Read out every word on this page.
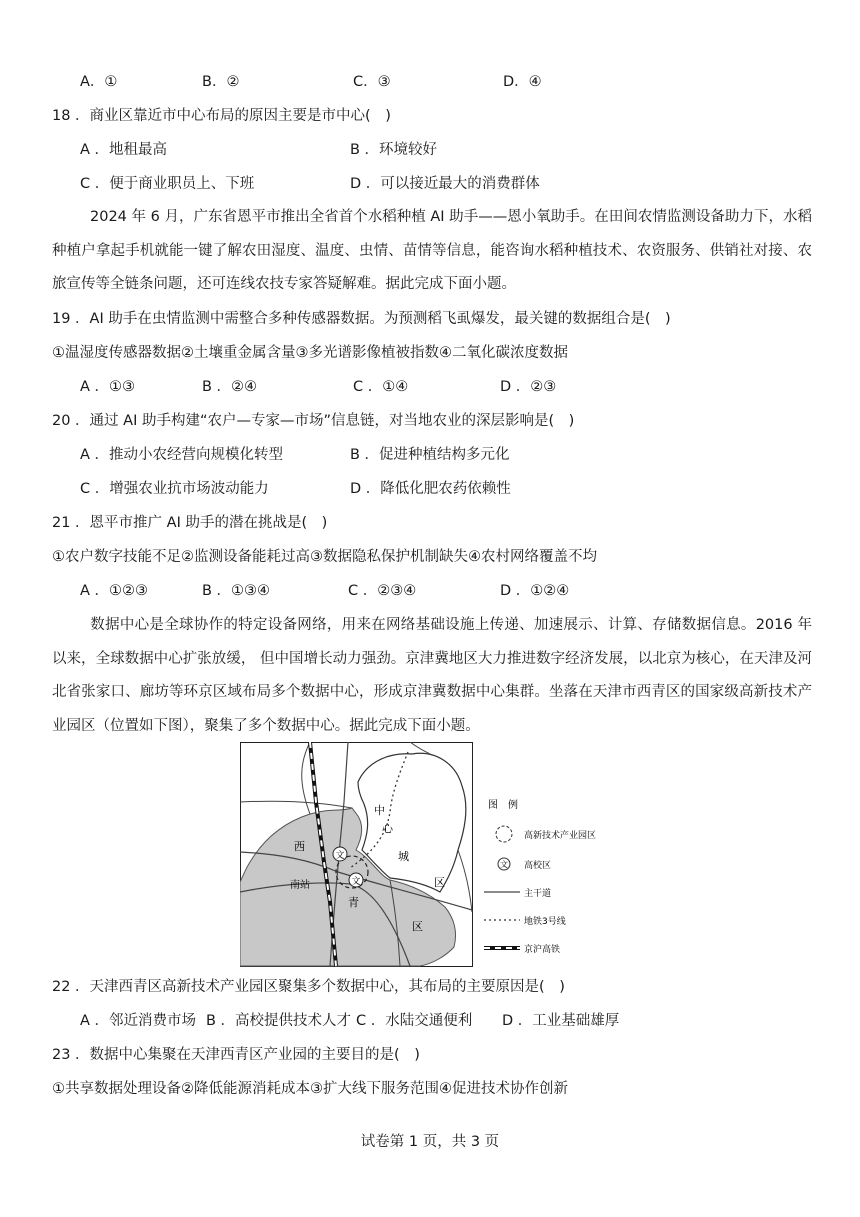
A．①	B．②	C．③	D．④
18 ．商业区靠近市中心布局的原因主要是市中心(　)
A ．地租最高	B ．环境较好
C ．便于商业职员上、下班	D ．可以接近最大的消费群体
2024 年 6 月，广东省恩平市推出全省首个水稻种植 AI 助手——恩小氧助手。在田间农情监测设备助力下，水稻种植户拿起手机就能一键了解农田湿度、温度、虫情、苗情等信息，能咨询水稻种植技术、农资服务、供销社对接、农旅宣传等全链条问题，还可连线农技专家答疑解难。据此完成下面小题。
19 ．AI 助手在虫情监测中需整合多种传感器数据。为预测稻飞虱爆发，最关键的数据组合是(　)
①温湿度传感器数据②土壤重金属含量③多光谱影像植被指数④二氧化碳浓度数据
A ．①③	B ．②④	C ．①④	D ．②③
20 ．通过 AI 助手构建“农户—专家—市场”信息链，对当地农业的深层影响是(　)
A ．推动小农经营向规模化转型	B ．促进种植结构多元化
C ．增强农业抗市场波动能力	D ．降低化肥农药依赖性
21 ．恩平市推广 AI 助手的潜在挑战是(　)
①农户数字技能不足②监测设备能耗过高③数据隐私保护机制缺失④农村网络覆盖不均
A ．①②③	B ．①③④	C ．②③④	D ．①②④
数据中心是全球协作的特定设备网络，用来在网络基础设施上传递、加速展示、计算、存储数据信息。2016 年以来，全球数据中心扩张放缓， 但中国增长动力强劲。京津冀地区大力推进数字经济发展，以北京为核心，在天津及河北省张家口、廊坊等环京区域布局多个数据中心，形成京津冀数据中心集群。坐落在天津市西青区的国家级高新技术产业园区（位置如下图），聚集了多个数据中心。据此完成下面小题。
文
文
中
心
城
区
西
青
区
南站
图　例
高新技术产业园区
文 高校区
主干道
地铁3号线
京沪高铁
22 ．天津西青区高新技术产业园区聚集多个数据中心，其布局的主要原因是(　)
A ．邻近消费市场 B ．高校提供技术人才 C ．水陆交通便利 D ．工业基础雄厚
23 ．数据中心集聚在天津西青区产业园的主要目的是(　)
①共享数据处理设备②降低能源消耗成本③扩大线下服务范围④促进技术协作创新
试卷第 1 页，共 3 页
